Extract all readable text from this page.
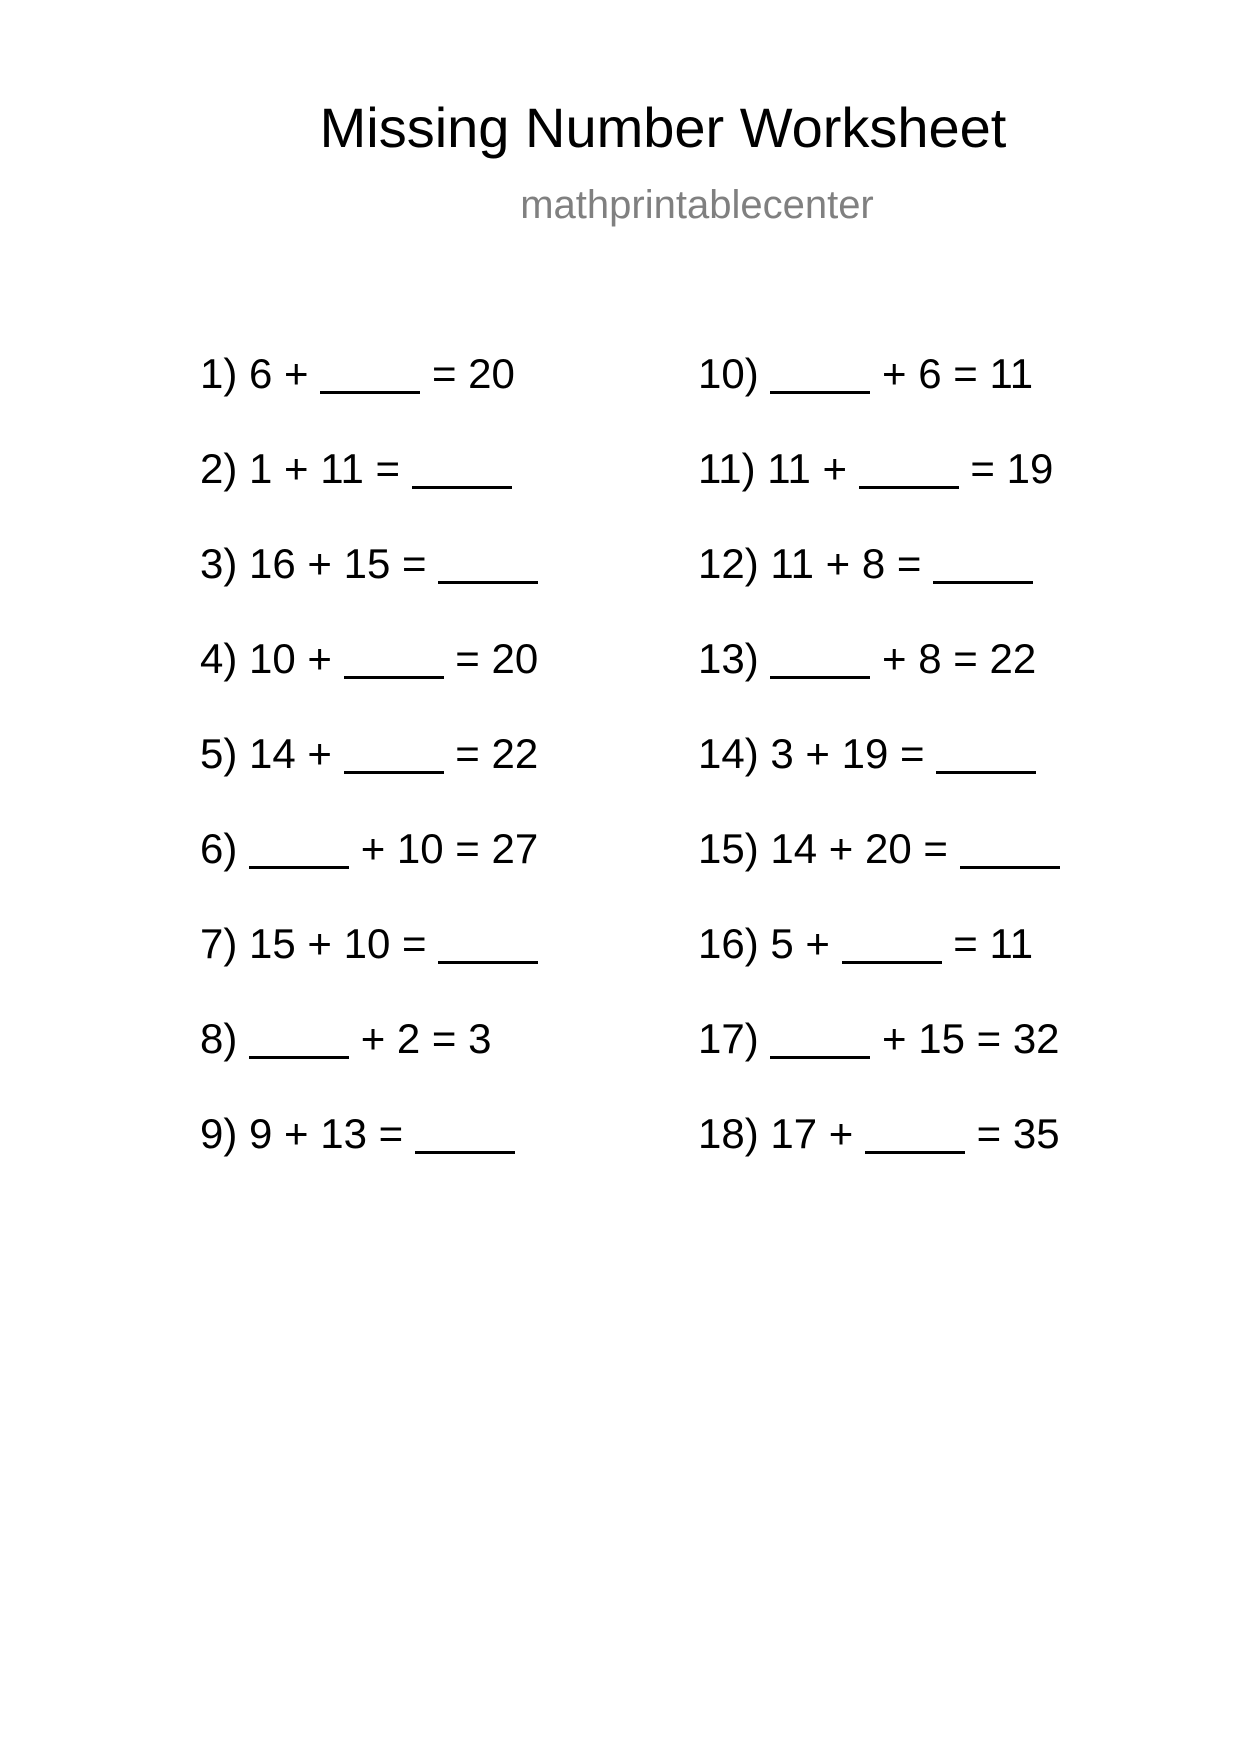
Missing Number Worksheet
mathprintablecenter
1) 6 +	= 20
2) 1 + 11 =
3) 16 + 15 =
4) 10 +	= 20
5) 14 +	= 22
6)	+ 10 = 27
7) 15 + 10 =
8)	+ 2 = 3
9) 9 + 13 =
10)	+ 6 = 11
11) 11 +	= 19
12) 11 + 8 =
13)	+ 8 = 22
14) 3 + 19 =
15) 14 + 20 =
16) 5 +	= 11
17)	+ 15 = 32
18) 17 +	= 35
